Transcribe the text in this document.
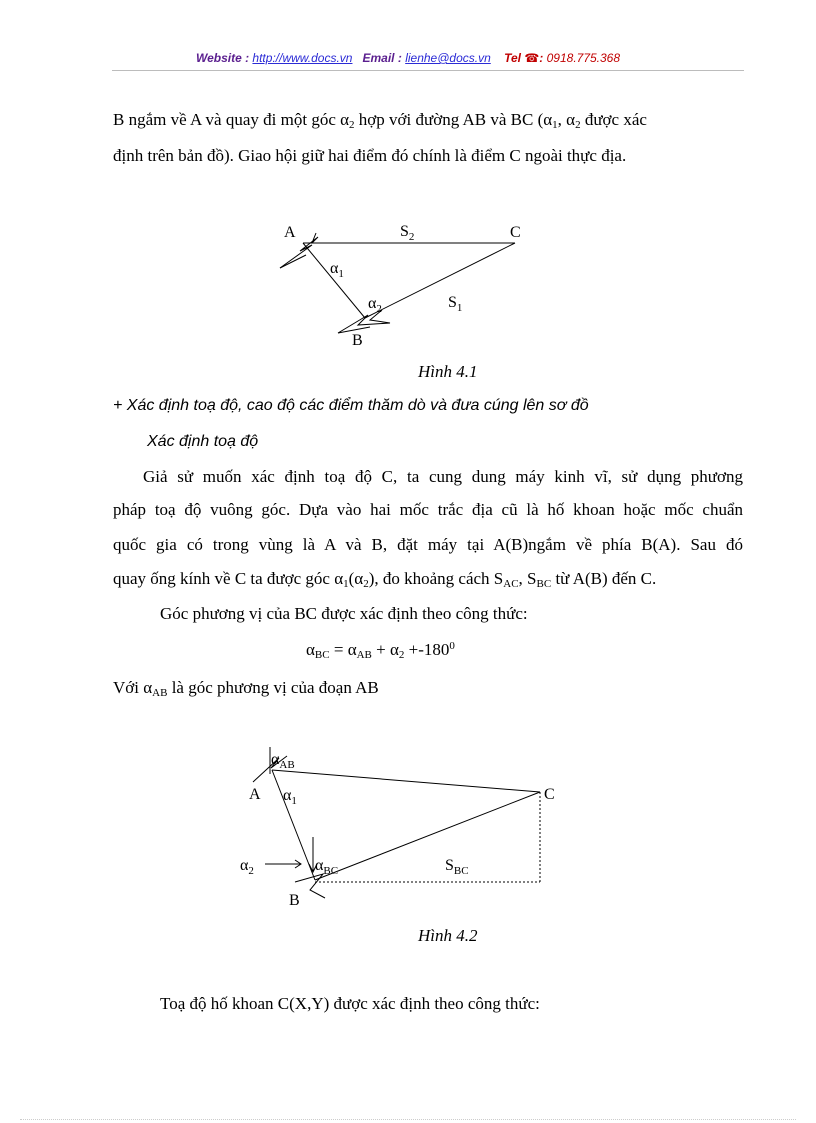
Website : http://www.docs.vn Email : lienhe@docs.vn Tel ☎: 0918.775.368
B ngắm về A và quay đi một góc $\alpha_2$ hợp với đường AB và BC ($\alpha_1$, $\alpha_2$ được xác
định trên bản đồ). Giao hội giữ hai điểm đó chính là điểm C ngoài thực địa.
A	C
B
$S_2$
$S_1$
$\alpha_1$
$\alpha_2$
Hình 4.1
+ Xác định toạ độ, cao độ các điểm thăm dò và đưa cúng lên sơ đồ
Xác định toạ độ
Giả sử muốn xác định toạ độ C, ta cung dung máy kinh vĩ, sử dụng phương
pháp toạ độ vuông góc. Dựa vào hai mốc trắc địa cũ là hố khoan hoặc mốc chuẩn
quốc gia có trong vùng là A và B, đặt máy tại A(B)ngắm về phía B(A). Sau đó
quay ống kính về C ta được góc $\alpha_1(\alpha_2)$, đo khoảng cách $S_{AC}$, $S_{BC}$ từ A(B) đến C.
Góc phương vị của BC được xác định theo công thức:
$\alpha_{BC} = \alpha_{AB} + \alpha_2 +-180^0$
Với $\alpha_{AB}$ là góc phương vị của đoạn AB
A	C
B
$\alpha_{AB}$
$\alpha_1$
$\alpha_2$	$\alpha_{BC}$	$S_{BC}$
Hình 4.2
Toạ độ hố khoan C(X,Y) được xác định theo công thức:
